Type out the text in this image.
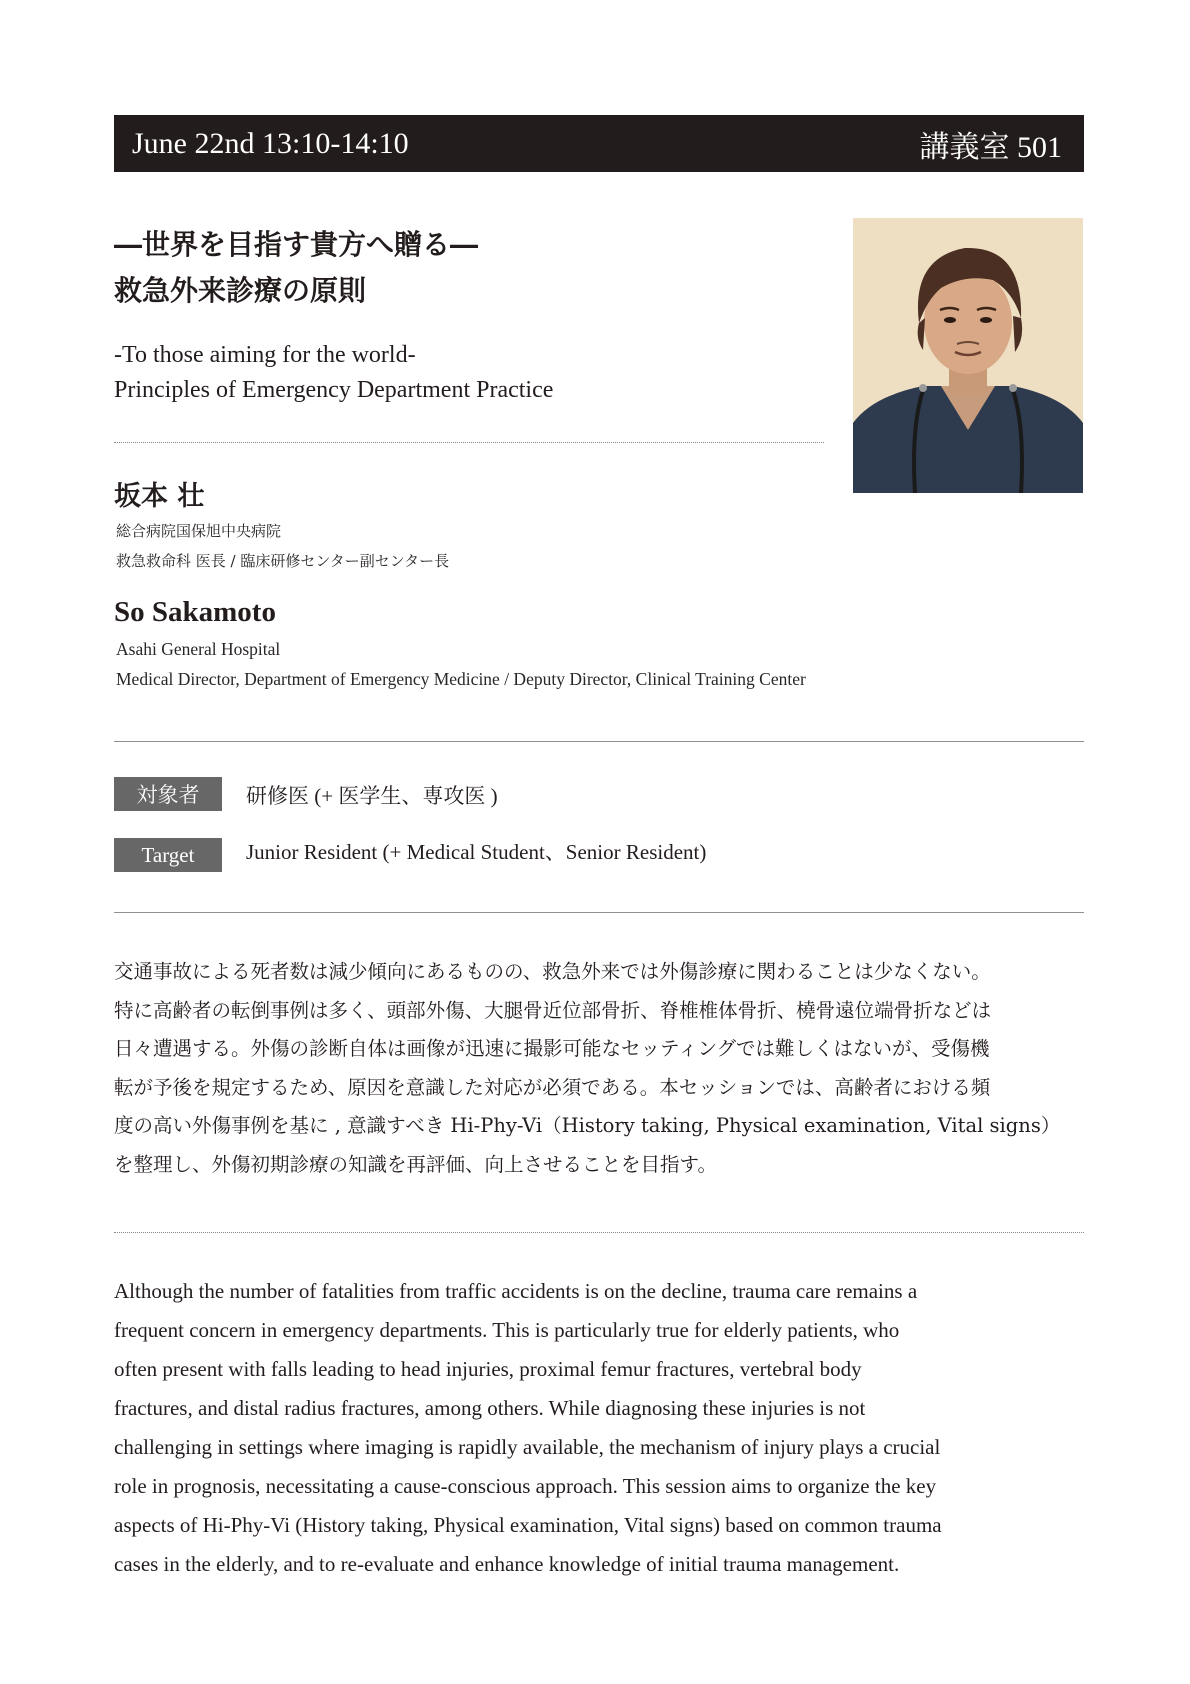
June 22nd 13:10-14:10	講義室 501
―世界を目指す貴方へ贈る―
救急外来診療の原則
-To those aiming for the world-
Principles of Emergency Department Practice
坂本 壮
総合病院国保旭中央病院
救急救命科 医長 / 臨床研修センター副センター長
So Sakamoto
Asahi General Hospital
Medical Director, Department of Emergency Medicine / Deputy Director, Clinical Training Center
対象者	研修医 (+ 医学生、専攻医 )
Target	Junior Resident (+ Medical Student、Senior Resident)
交通事故による死者数は減少傾向にあるものの、救急外来では外傷診療に関わることは少なくない。
特に高齢者の転倒事例は多く、頭部外傷、大腿骨近位部骨折、脊椎椎体骨折、橈骨遠位端骨折などは
日々遭遇する。外傷の診断自体は画像が迅速に撮影可能なセッティングでは難しくはないが、受傷機
転が予後を規定するため、原因を意識した対応が必須である。本セッションでは、高齢者における頻
度の高い外傷事例を基に , 意識すべき Hi-Phy-Vi（History taking, Physical examination, Vital signs）
を整理し、外傷初期診療の知識を再評価、向上させることを目指す。
Although the number of fatalities from traffic accidents is on the decline, trauma care remains a
frequent concern in emergency departments. This is particularly true for elderly patients, who
often present with falls leading to head injuries, proximal femur fractures, vertebral body
fractures, and distal radius fractures, among others. While diagnosing these injuries is not
challenging in settings where imaging is rapidly available, the mechanism of injury plays a crucial
role in prognosis, necessitating a cause-conscious approach. This session aims to organize the key
aspects of Hi-Phy-Vi (History taking, Physical examination, Vital signs) based on common trauma
cases in the elderly, and to re-evaluate and enhance knowledge of initial trauma management.
